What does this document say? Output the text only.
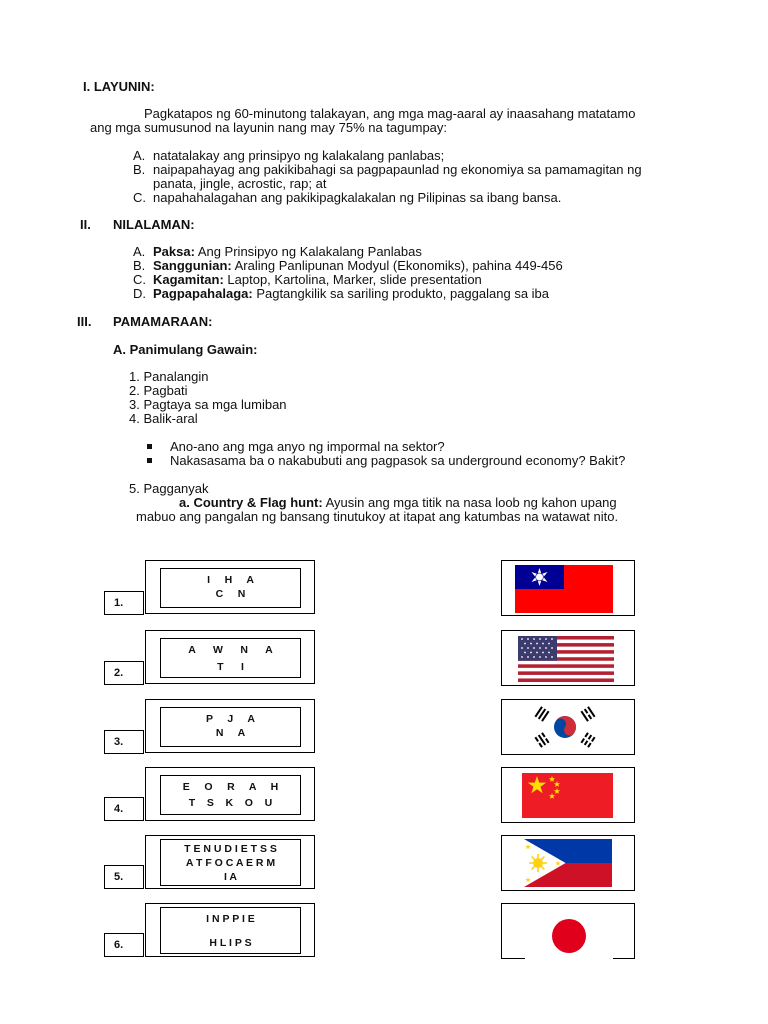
I. LAYUNIN:
Pagkatapos ng 60-minutong talakayan, ang mga mag-aaral ay inaasahang matatamo
ang mga sumusunod na layunin nang may 75% na tagumpay:
A. natatalakay ang prinsipyo ng kalakalang panlabas;
B. naipapahayag ang pakikibahagi sa pagpapaunlad ng ekonomiya sa pamamagitan ng
panata, jingle, acrostic, rap; at
C. napahahalagahan ang pakikipagkalakalan ng Pilipinas sa ibang bansa.
II. NILALAMAN:
A. Paksa: Ang Prinsipyo ng Kalakalang Panlabas
B. Sanggunian: Araling Panlipunan Modyul (Ekonomiks), pahina 449-456
C. Kagamitan: Laptop, Kartolina, Marker, slide presentation
D. Pagpapahalaga: Pagtangkilik sa sariling produkto, paggalang sa iba
III. PAMAMARAAN:
A. Panimulang Gawain:
1. Panalangin
2. Pagbati
3. Pagtaya sa mga lumiban
4. Balik-aral
Ano-ano ang mga anyo ng impormal na sektor?
Nakasasama ba o nakabubuti ang pagpasok sa underground economy? Bakit?
5. Pagganyak
a. Country & Flag hunt: Ayusin ang mga titik na nasa loob ng kahon upang
mabuo ang pangalan ng bansang tinutukoy at itapat ang katumbas na watawat nito.
I     H     A
C     N
1.
A      W      N      A
T      I
2.
P     J     A
N     A
3.
E     O     R     A     H
T    S    K    O    U
4.
T E N U D I E T S S
A T F O C A E R M
I A
5.
I N P P I E
H L I P S
6.
